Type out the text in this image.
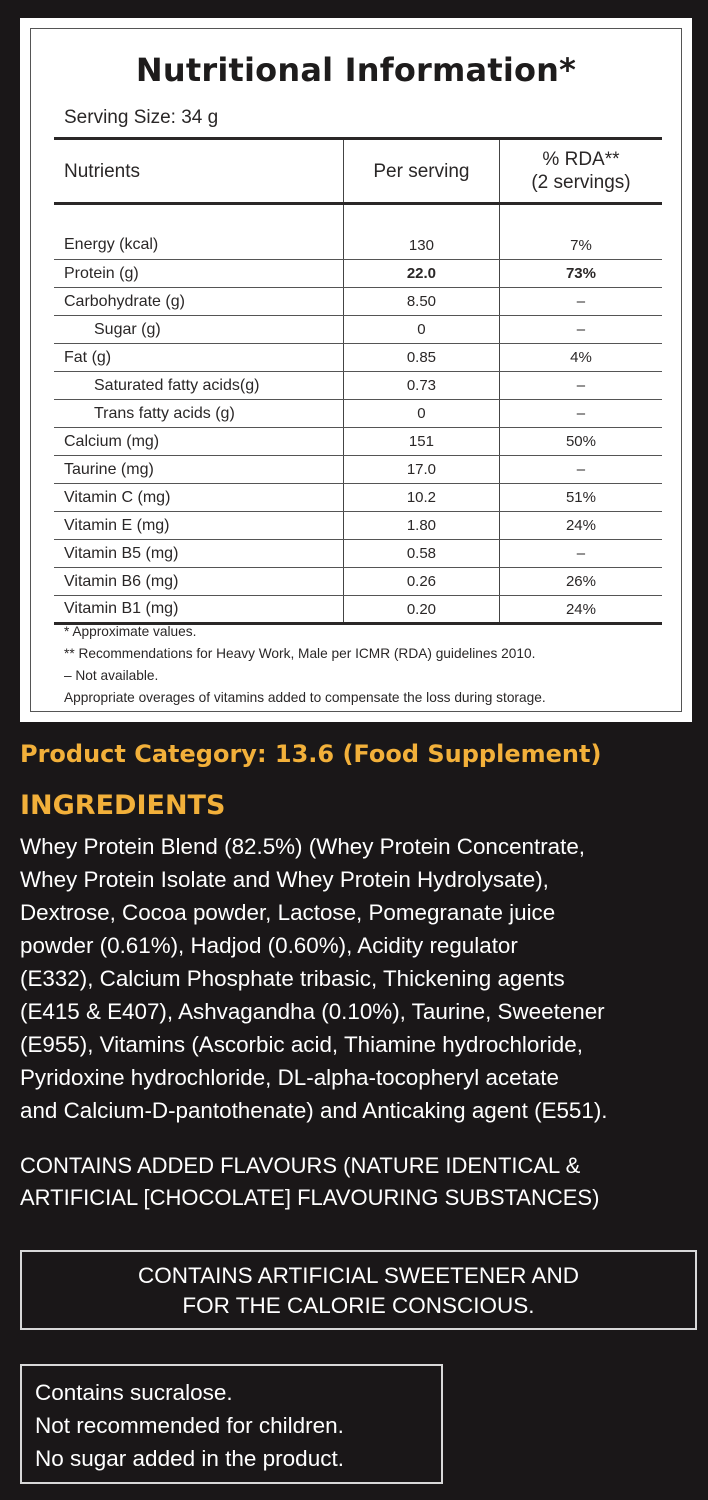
Nutritional Information*
Serving Size: 34 g
Nutrients	Per serving	% RDA**
(2 servings)

Energy (kcal)	130	7%
Protein (g)	22.0	73%
Carbohydrate (g)	8.50	–
Sugar (g)	0	–
Fat (g)	0.85	4%
Saturated fatty acids(g)	0.73	–
Trans fatty acids (g)	0	–
Calcium (mg)	151	50%
Taurine (mg)	17.0	–
Vitamin C (mg)	10.2	51%
Vitamin E (mg)	1.80	24%
Vitamin B5 (mg)	0.58	–
Vitamin B6 (mg)	0.26	26%
Vitamin B1 (mg)	0.20	24%
* Approximate values.
** Recommendations for Heavy Work, Male per ICMR (RDA) guidelines 2010.
– Not available.
Appropriate overages of vitamins added to compensate the loss during storage.
Product Category: 13.6 (Food Supplement)
INGREDIENTS
Whey Protein Blend (82.5%) (Whey Protein Concentrate,
Whey Protein Isolate and Whey Protein Hydrolysate),
Dextrose, Cocoa powder, Lactose, Pomegranate juice
powder (0.61%), Hadjod (0.60%), Acidity regulator
(E332), Calcium Phosphate tribasic, Thickening agents
(E415 & E407), Ashvagandha (0.10%), Taurine, Sweetener
(E955), Vitamins (Ascorbic acid, Thiamine hydrochloride,
Pyridoxine hydrochloride, DL-alpha-tocopheryl acetate
and Calcium-D-pantothenate) and Anticaking agent (E551).
CONTAINS ADDED FLAVOURS (NATURE IDENTICAL &
ARTIFICIAL [CHOCOLATE] FLAVOURING SUBSTANCES)
CONTAINS ARTIFICIAL SWEETENER AND
FOR THE CALORIE CONSCIOUS.
Contains sucralose.
Not recommended for children.
No sugar added in the product.
